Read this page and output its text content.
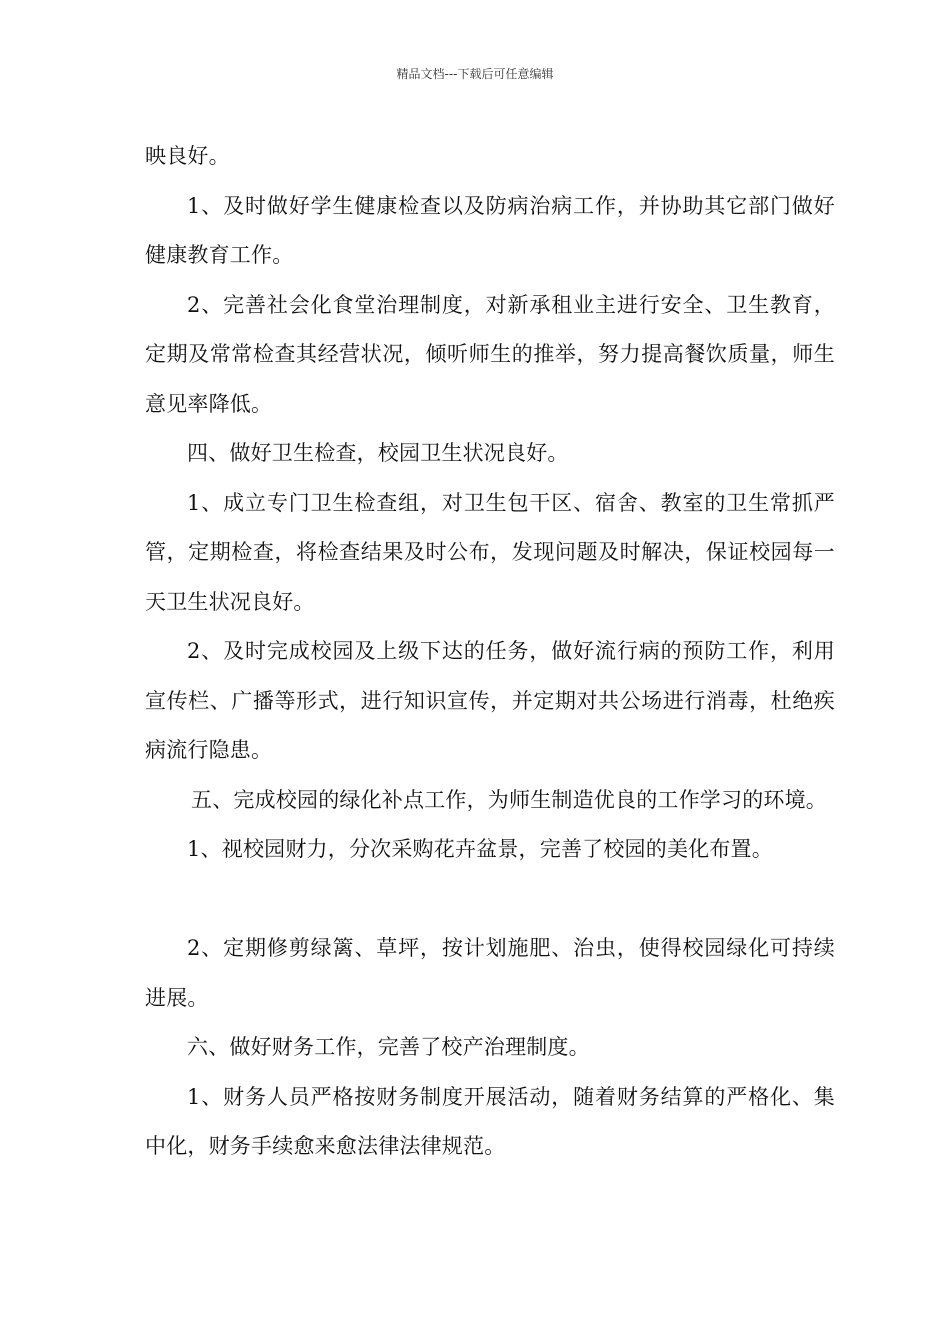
精品文档---下载后可任意编辑

映良好。

1、及时做好学生健康检查以及防病治病工作，并协助其它部门做好健康教育工作。

2、完善社会化食堂治理制度，对新承租业主进行安全、卫生教育，定期及常常检查其经营状况，倾听师生的推举，努力提高餐饮质量，师生意见率降低。

四、做好卫生检查，校园卫生状况良好。

1、成立专门卫生检查组，对卫生包干区、宿舍、教室的卫生常抓严管，定期检查，将检查结果及时公布，发现问题及时解决，保证校园每一天卫生状况良好。

2、及时完成校园及上级下达的任务，做好流行病的预防工作，利用宣传栏、广播等形式，进行知识宣传，并定期对共公场进行消毒，杜绝疾病流行隐患。

五、完成校园的绿化补点工作，为师生制造优良的工作学习的环境。

1、视校园财力，分次采购花卉盆景，完善了校园的美化布置。

2、定期修剪绿篱、草坪，按计划施肥、治虫，使得校园绿化可持续进展。

六、做好财务工作，完善了校产治理制度。

1、财务人员严格按财务制度开展活动，随着财务结算的严格化、集中化，财务手续愈来愈法律法律规范。
